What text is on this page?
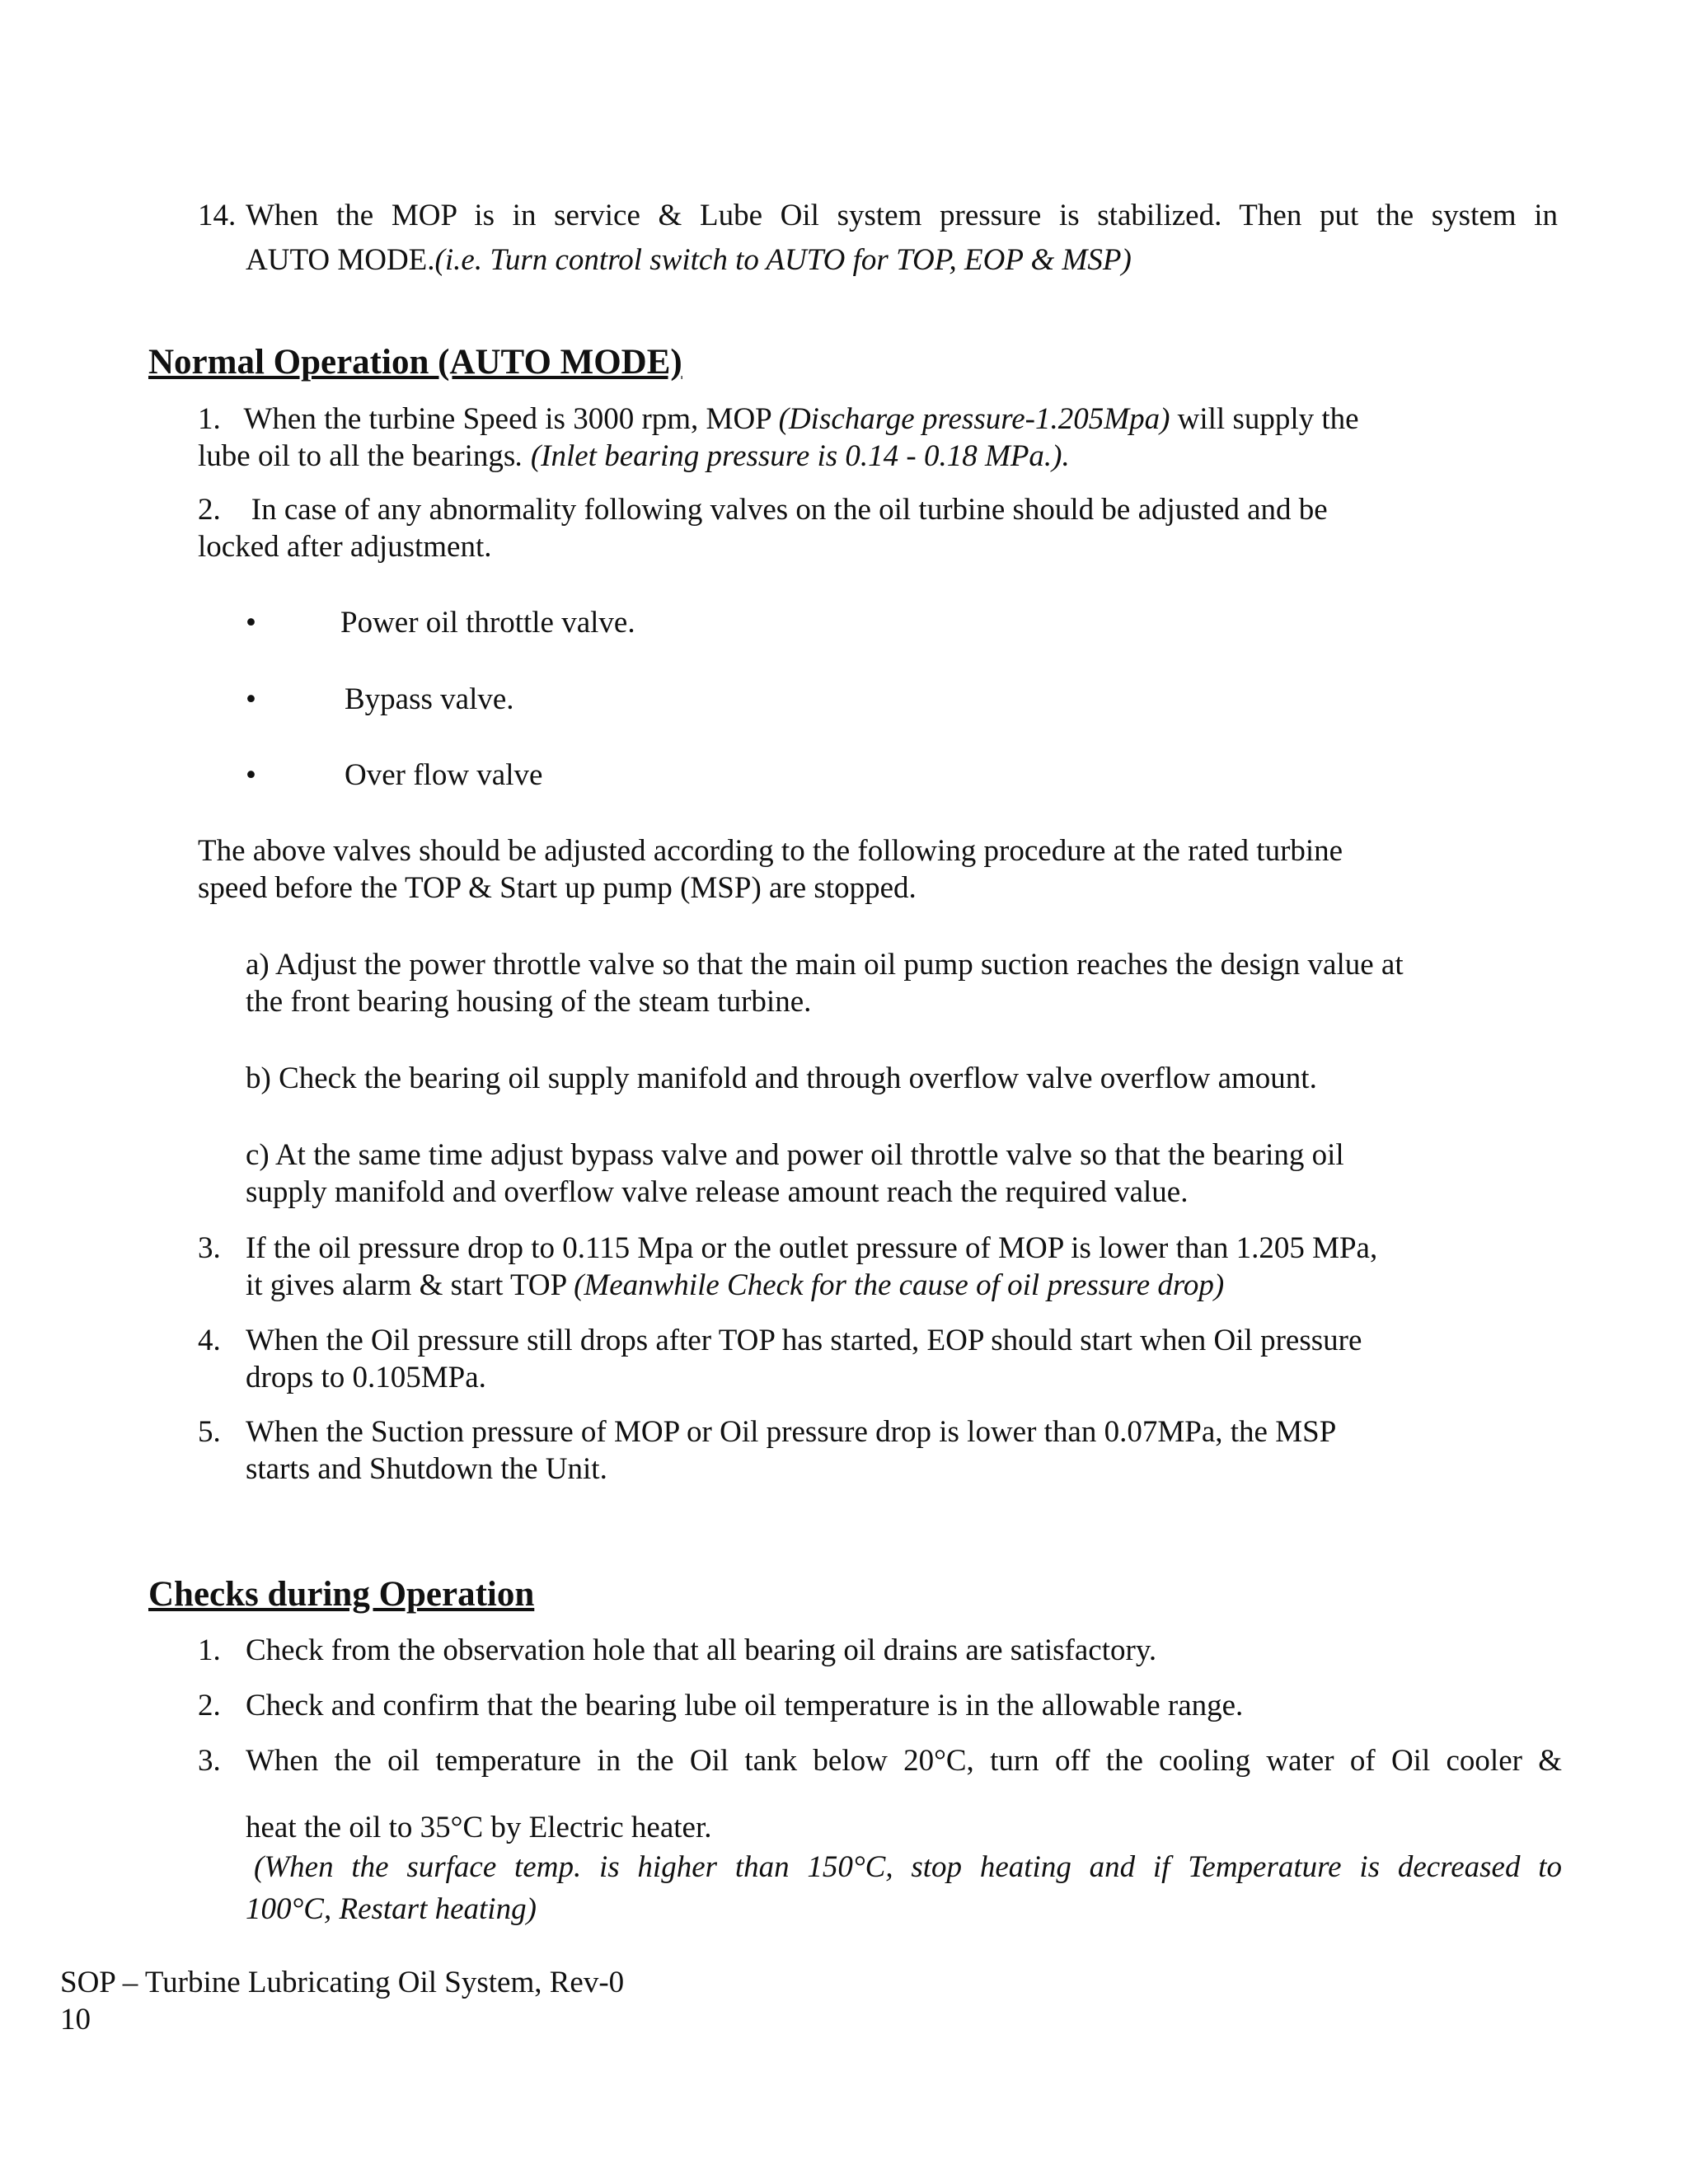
14. When the MOP is in service & Lube Oil system pressure is stabilized. Then put the system in
AUTO MODE.(i.e. Turn control switch to AUTO for TOP, EOP & MSP)
Normal Operation (AUTO MODE)
1. When the turbine Speed is 3000 rpm, MOP (Discharge pressure-1.205Mpa) will supply the
lube oil to all the bearings. (Inlet bearing pressure is 0.14 - 0.18 MPa.).
2. In case of any abnormality following valves on the oil turbine should be adjusted and be
locked after adjustment.
•	Power oil throttle valve.
•	Bypass valve.
•	Over flow valve
The above valves should be adjusted according to the following procedure at the rated turbine
speed before the TOP & Start up pump (MSP) are stopped.
a) Adjust the power throttle valve so that the main oil pump suction reaches the design value at
the front bearing housing of the steam turbine.
b) Check the bearing oil supply manifold and through overflow valve overflow amount.
c) At the same time adjust bypass valve and power oil throttle valve so that the bearing oil
supply manifold and overflow valve release amount reach the required value.
3. If the oil pressure drop to 0.115 Mpa or the outlet pressure of MOP is lower than 1.205 MPa,
it gives alarm & start TOP (Meanwhile Check for the cause of oil pressure drop)
4. When the Oil pressure still drops after TOP has started, EOP should start when Oil pressure
drops to 0.105MPa.
5. When the Suction pressure of MOP or Oil pressure drop is lower than 0.07MPa, the MSP
starts and Shutdown the Unit.
Checks during Operation
1. Check from the observation hole that all bearing oil drains are satisfactory.
2. Check and confirm that the bearing lube oil temperature is in the allowable range.
3. When the oil temperature in the Oil tank below 20°C, turn off the cooling water of Oil cooler &
heat the oil to 35°C by Electric heater.
(When the surface temp. is higher than 150°C, stop heating and if Temperature is decreased to
100°C, Restart heating)
SOP – Turbine Lubricating Oil System, Rev-0
10
